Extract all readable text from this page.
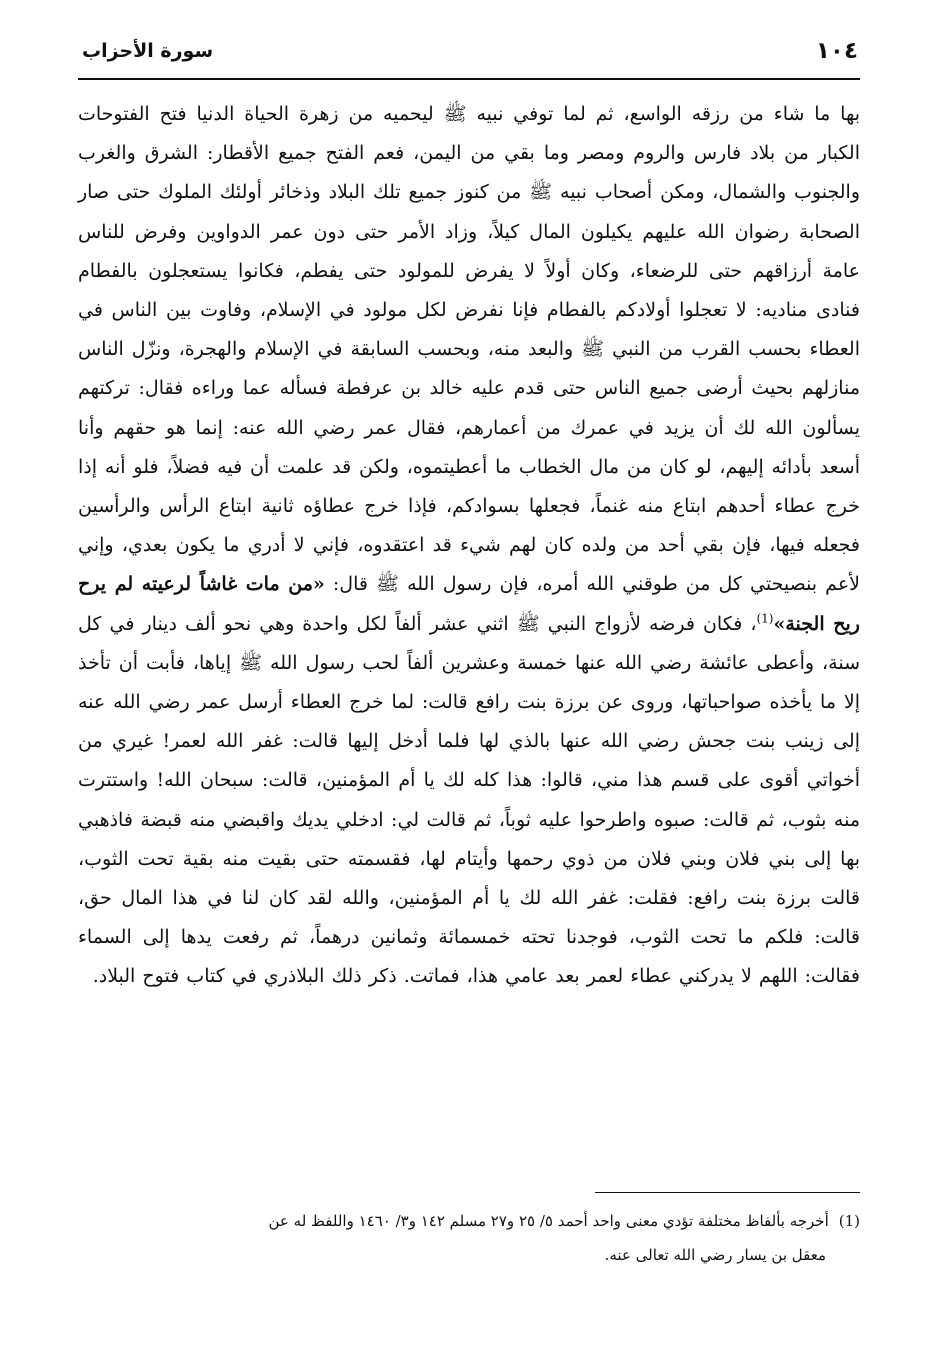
١٠٤
سورة الأحزاب

بها ما شاء من رزقه الواسع، ثم لما توفي نبيه ﷺ ليحميه من زهرة الحياة الدنيا فتح الفتوحات الكبار من بلاد فارس والروم ومصر وما بقي من اليمن، فعم الفتح جميع الأقطار: الشرق والغرب والجنوب والشمال، ومكن أصحاب نبيه ﷺ من كنوز جميع تلك البلاد وذخائر أولئك الملوك حتى صار الصحابة رضوان الله عليهم يكيلون المال كيلاً، وزاد الأمر حتى دون عمر الدواوين وفرض للناس عامة أرزاقهم حتى للرضعاء، وكان أولاً لا يفرض للمولود حتى يفطم، فكانوا يستعجلون بالفطام فنادى مناديه: لا تعجلوا أولادكم بالفطام فإنا نفرض لكل مولود في الإسلام، وفاوت بين الناس في العطاء بحسب القرب من النبي ﷺ والبعد منه، وبحسب السابقة في الإسلام والهجرة، ونزّل الناس منازلهم بحيث أرضى جميع الناس حتى قدم عليه خالد بن عرفطة فسأله عما وراءه فقال: تركتهم يسألون الله لك أن يزيد في عمرك من أعمارهم، فقال عمر رضي الله عنه: إنما هو حقهم وأنا أسعد بأدائه إليهم، لو كان من مال الخطاب ما أعطيتموه، ولكن قد علمت أن فيه فضلاً، فلو أنه إذا خرج عطاء أحدهم ابتاع منه غنماً، فجعلها بسوادكم، فإذا خرج عطاؤه ثانية ابتاع الرأس والرأسين فجعله فيها، فإن بقي أحد من ولده كان لهم شيء قد اعتقدوه، فإني لا أدري ما يكون بعدي، وإني لأعم بنصيحتي كل من طوقني الله أمره، فإن رسول الله ﷺ قال: «من مات غاشاً لرعيته لم يرح ريح الجنة»$^{(1)}$، فكان فرضه لأزواج النبي ﷺ اثني عشر ألفاً لكل واحدة وهي نحو ألف دينار في كل سنة، وأعطى عائشة رضي الله عنها خمسة وعشرين ألفاً لحب رسول الله ﷺ إياها، فأبت أن تأخذ إلا ما يأخذه صواحباتها، وروى عن برزة بنت رافع قالت: لما خرج العطاء أرسل عمر رضي الله عنه إلى زينب بنت جحش رضي الله عنها بالذي لها فلما أدخل إليها قالت: غفر الله لعمر! غيري من أخواتي أقوى على قسم هذا مني، قالوا: هذا كله لك يا أم المؤمنين، قالت: سبحان الله! واستترت منه بثوب، ثم قالت: صبوه واطرحوا عليه ثوباً، ثم قالت لي: ادخلي يديك واقبضي منه قبضة فاذهبي بها إلى بني فلان وبني فلان من ذوي رحمها وأيتام لها، فقسمته حتى بقيت منه بقية تحت الثوب، قالت برزة بنت رافع: فقلت: غفر الله لك يا أم المؤمنين، والله لقد كان لنا في هذا المال حق، قالت: فلكم ما تحت الثوب، فوجدنا تحته خمسمائة وثمانين درهماً، ثم رفعت يدها إلى السماء فقالت: اللهم لا يدركني عطاء لعمر بعد عامي هذا، فماتت. ذكر ذلك البلاذري في كتاب فتوح البلاد.

(1)أخرجه بألفاظ مختلفة تؤدي معنى واحد أحمد ٥/ ٢٥ و٢٧ مسلم ١٤٢ و٣/ ١٤٦٠ واللفظ له عن

معقل بن يسار رضي الله تعالى عنه.
